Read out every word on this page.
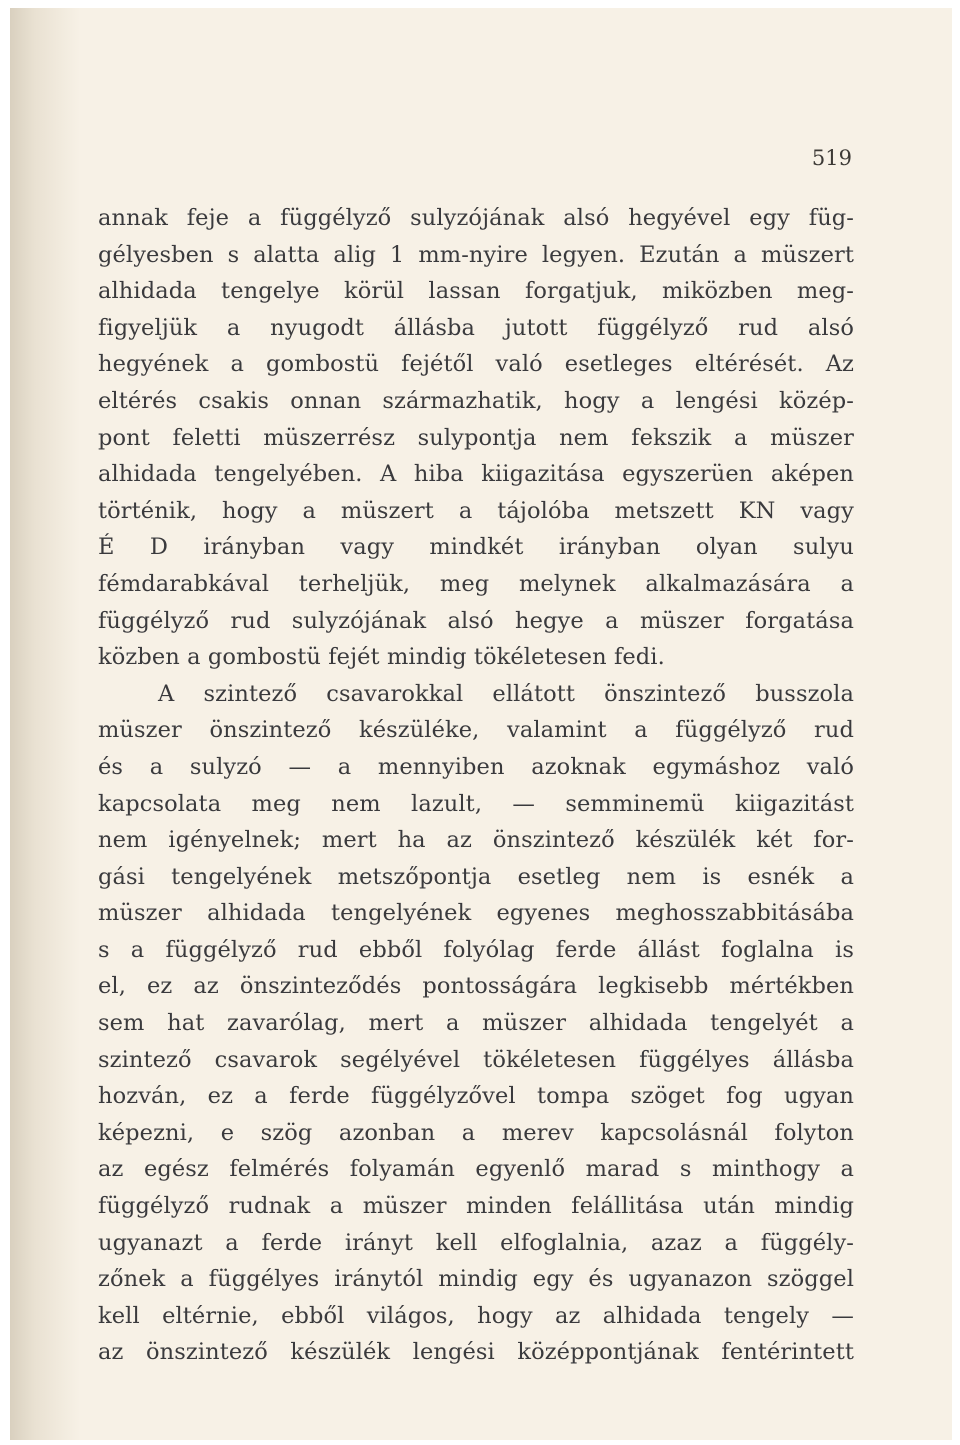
519

annak feje a függélyző sulyzójának alsó hegyével egy füg-
gélyesben s alatta alig 1 mm-nyire legyen. Ezután a müszert
alhidada tengelye körül lassan forgatjuk, miközben meg-
figyeljük a nyugodt állásba jutott függélyző rud alsó
hegyének a gombostü fejétől való esetleges eltérését. Az
eltérés csakis onnan származhatik, hogy a lengési közép-
pont feletti müszerrész sulypontja nem fekszik a müszer
alhidada tengelyében. A hiba kiigazitása egyszerüen aképen
történik, hogy a müszert a tájolóba metszett KN vagy
É D irányban vagy mindkét irányban olyan sulyu
fémdarabkával terheljük, meg melynek alkalmazására a
függélyző rud sulyzójának alsó hegye a müszer forgatása
közben a gombostü fejét mindig tökéletesen fedi.
A szintező csavarokkal ellátott önszintező busszola
müszer önszintező készüléke, valamint a függélyző rud
és a sulyzó — a mennyiben azoknak egymáshoz való
kapcsolata meg nem lazult, — semminemü kiigazitást
nem igényelnek; mert ha az önszintező készülék két for-
gási tengelyének metszőpontja esetleg nem is esnék a
müszer alhidada tengelyének egyenes meghosszabbitásába
s a függélyző rud ebből folyólag ferde állást foglalna is
el, ez az önszinteződés pontosságára legkisebb mértékben
sem hat zavarólag, mert a müszer alhidada tengelyét a
szintező csavarok segélyével tökéletesen függélyes állásba
hozván, ez a ferde függélyzővel tompa szöget fog ugyan
képezni, e szög azonban a merev kapcsolásnál folyton
az egész felmérés folyamán egyenlő marad s minthogy a
függélyző rudnak a müszer minden felállitása után mindig
ugyanazt a ferde irányt kell elfoglalnia, azaz a függély-
zőnek a függélyes iránytól mindig egy és ugyanazon szöggel
kell eltérnie, ebből világos, hogy az alhidada tengely —
az önszintező készülék lengési középpontjának fentérintett
